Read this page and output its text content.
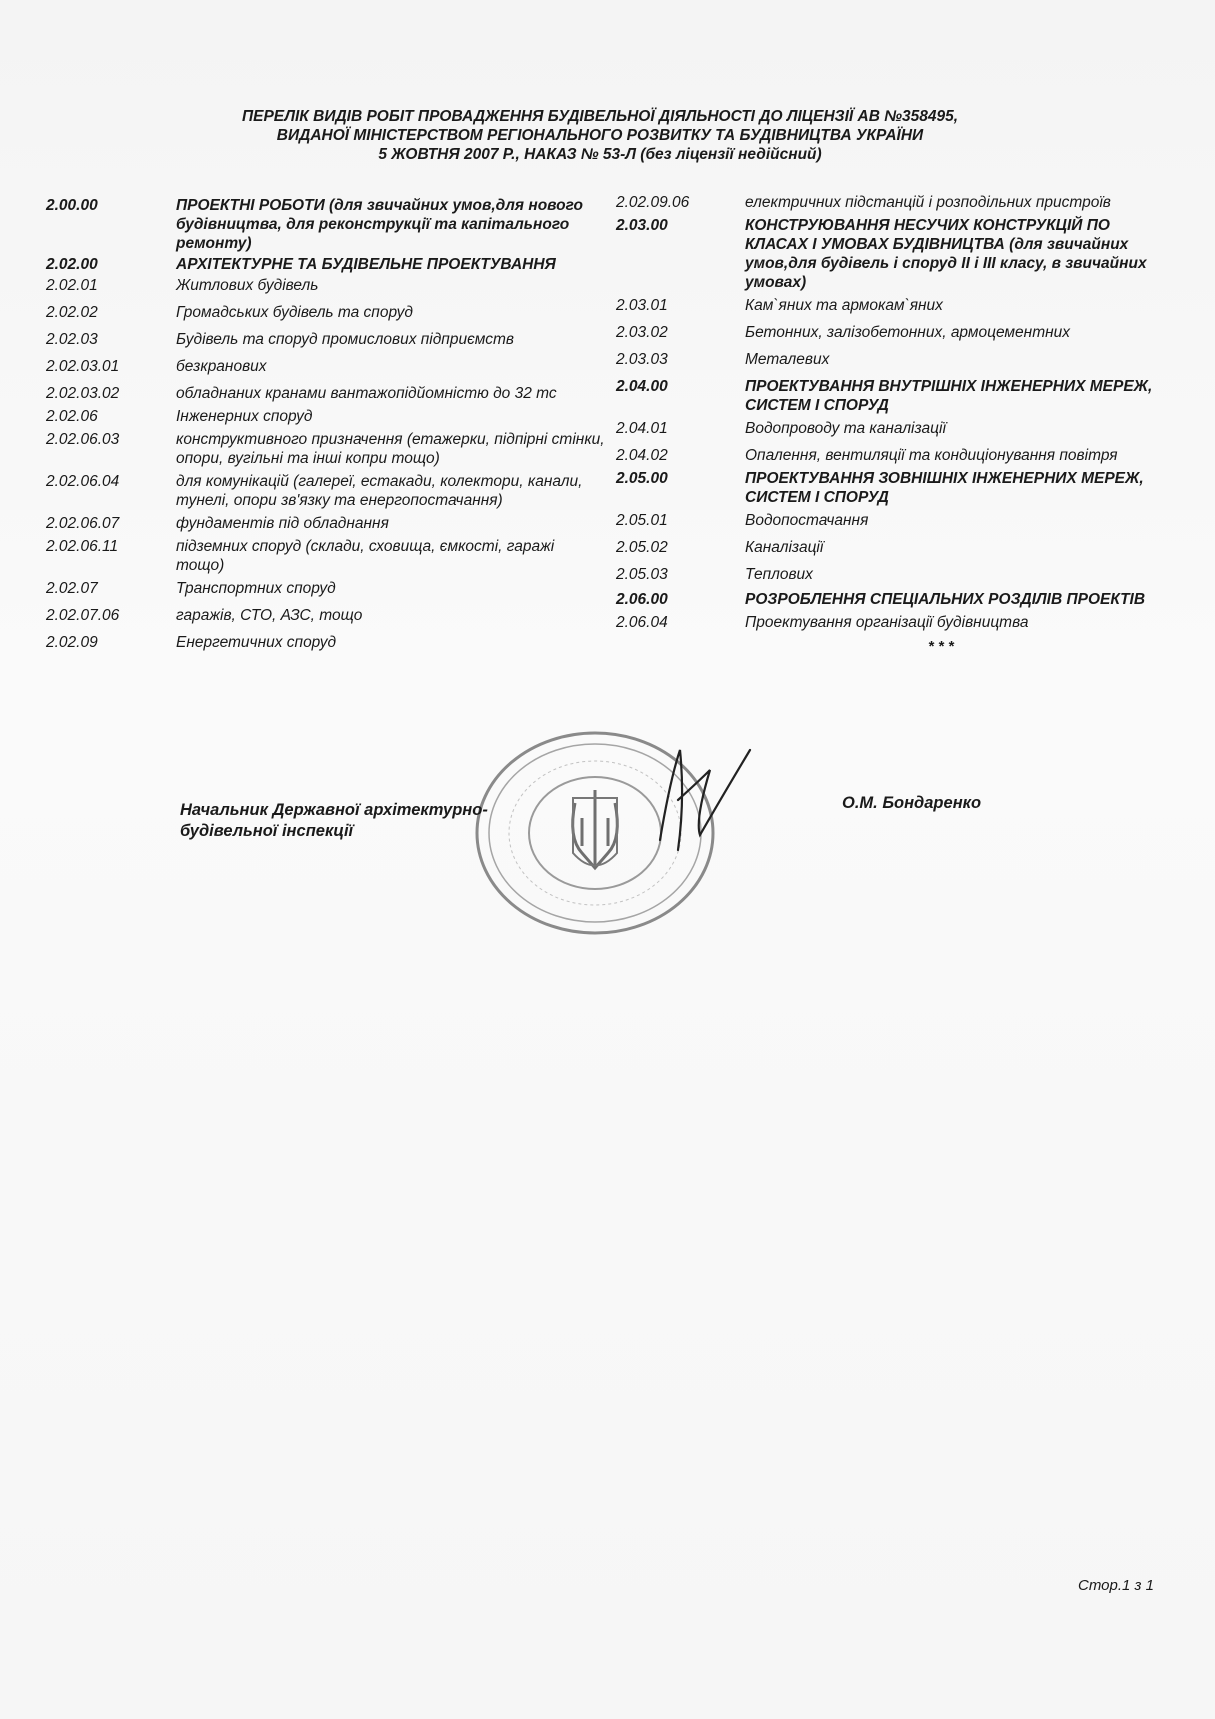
ПЕРЕЛІК ВИДІВ РОБІТ ПРОВАДЖЕННЯ БУДІВЕЛЬНОЇ ДІЯЛЬНОСТІ ДО ЛІЦЕНЗІЇ АВ №358495,
ВИДАНОЇ МІНІСТЕРСТВОМ РЕГІОНАЛЬНОГО РОЗВИТКУ ТА БУДІВНИЦТВА УКРАЇНИ
5 ЖОВТНЯ 2007 Р., НАКАЗ № 53-Л (без ліцензії недійсний)
2.00.00	ПРОЕКТНІ РОБОТИ (для звичайних умов,для нового будівництва, для реконструкції та капітального ремонту)
2.02.00	АРХІТЕКТУРНЕ ТА БУДІВЕЛЬНЕ ПРОЕКТУВАННЯ
2.02.01	Житлових будівель
2.02.02	Громадських будівель та споруд
2.02.03	Будівель та споруд промислових підприємств
2.02.03.01	безкранових
2.02.03.02	обладнаних кранами вантажопідйомністю до 32 тс
2.02.06	Інженерних споруд
2.02.06.03	конструктивного призначення (етажерки, підпірні стінки, опори, вугільні та інші копри тощо)
2.02.06.04	для комунікацій (галереї, естакади, колектори, канали, тунелі, опори зв'язку та енергопостачання)
2.02.06.07	фундаментів під обладнання
2.02.06.11	підземних споруд (склади, сховища, ємкості, гаражі тощо)
2.02.07	Транспортних споруд
2.02.07.06	гаражів, СТО, АЗС, тощо
2.02.09	Енергетичних споруд
2.02.09.06	електричних підстанцій і розподільних пристроїв
2.03.00	КОНСТРУЮВАННЯ НЕСУЧИХ КОНСТРУКЦІЙ ПО КЛАСАХ І УМОВАХ БУДІВНИЦТВА (для звичайних умов,для будівель і споруд ІІ і ІІІ класу, в звичайних умовах)
2.03.01	Кам`яних та армокам`яних
2.03.02	Бетонних, залізобетонних, армоцементних
2.03.03	Металевих
2.04.00	ПРОЕКТУВАННЯ ВНУТРІШНІХ ІНЖЕНЕРНИХ МЕРЕЖ, СИСТЕМ І СПОРУД
2.04.01	Водопроводу та каналізації
2.04.02	Опалення, вентиляції та кондиціонування повітря
2.05.00	ПРОЕКТУВАННЯ ЗОВНІШНІХ ІНЖЕНЕРНИХ МЕРЕЖ, СИСТЕМ І СПОРУД
2.05.01	Водопостачання
2.05.02	Каналізації
2.05.03	Теплових
2.06.00	РОЗРОБЛЕННЯ СПЕЦІАЛЬНИХ РОЗДІЛІВ ПРОЕКТІВ
2.06.04	Проектування організації будівництва
* * *
Начальник Державної архітектурно-будівельної інспекції
О.М. Бондаренко
Стор.1 з 1
